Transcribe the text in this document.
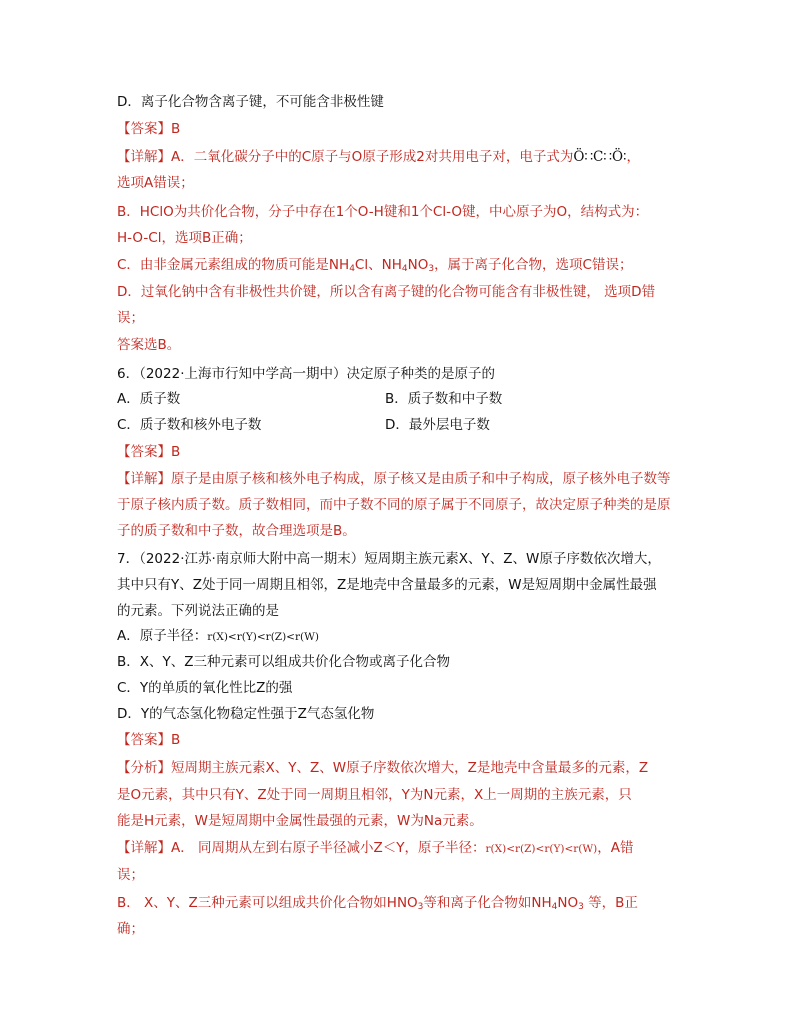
D．离子化合物含离子键，不可能含非极性键
【答案】B
【详解】A．二氧化碳分子中的C原子与O原子形成2对共用电子对，电子式为Ö∷C∷Ö∶，
选项A错误；
B．HClO为共价化合物，分子中存在1个O-H键和1个Cl-O键，中心原子为O，结构式为：
H-O-Cl，选项B正确；
C．由非金属元素组成的物质可能是$NH_4Cl$、$NH_4NO_3$，属于离子化合物，选项C错误；
D．过氧化钠中含有非极性共价键，所以含有离子键的化合物可能含有非极性键， 选项D错
误；
答案选B。
6．（2022·上海市行知中学高一期中）决定原子种类的是原子的
A．质子数	B．质子数和中子数
C．质子数和核外电子数	D．最外层电子数
【答案】B
【详解】原子是由原子核和核外电子构成，原子核又是由质子和中子构成，原子核外电子数等
于原子核内质子数。质子数相同，而中子数不同的原子属于不同原子，故决定原子种类的是原
子的质子数和中子数，故合理选项是B。
7．（2022·江苏·南京师大附中高一期末）短周期主族元素X、Y、Z、W原子序数依次增大，
其中只有Y、Z处于同一周期且相邻，Z是地壳中含量最多的元素，W是短周期中金属性最强
的元素。下列说法正确的是
A．原子半径：r(X)<r(Y)<r(Z)<r(W)
B．X、Y、Z三种元素可以组成共价化合物或离子化合物
C．Y的单质的氧化性比Z的强
D．Y的气态氢化物稳定性强于Z气态氢化物
【答案】B
【分析】短周期主族元素X、Y、Z、W原子序数依次增大，Z是地壳中含量最多的元素，Z
是O元素，其中只有Y、Z处于同一周期且相邻，Y为N元素，X上一周期的主族元素，只
能是H元素，W是短周期中金属性最强的元素，W为Na元素。
【详解】A． 同周期从左到右原子半径减小Z＜Y，原子半径：r(X)<r(Z)<r(Y)<r(W)，A错
误；
B． X、Y、Z三种元素可以组成共价化合物如$HNO_3$等和离子化合物如$NH_4NO_3$ 等，B正
确；
